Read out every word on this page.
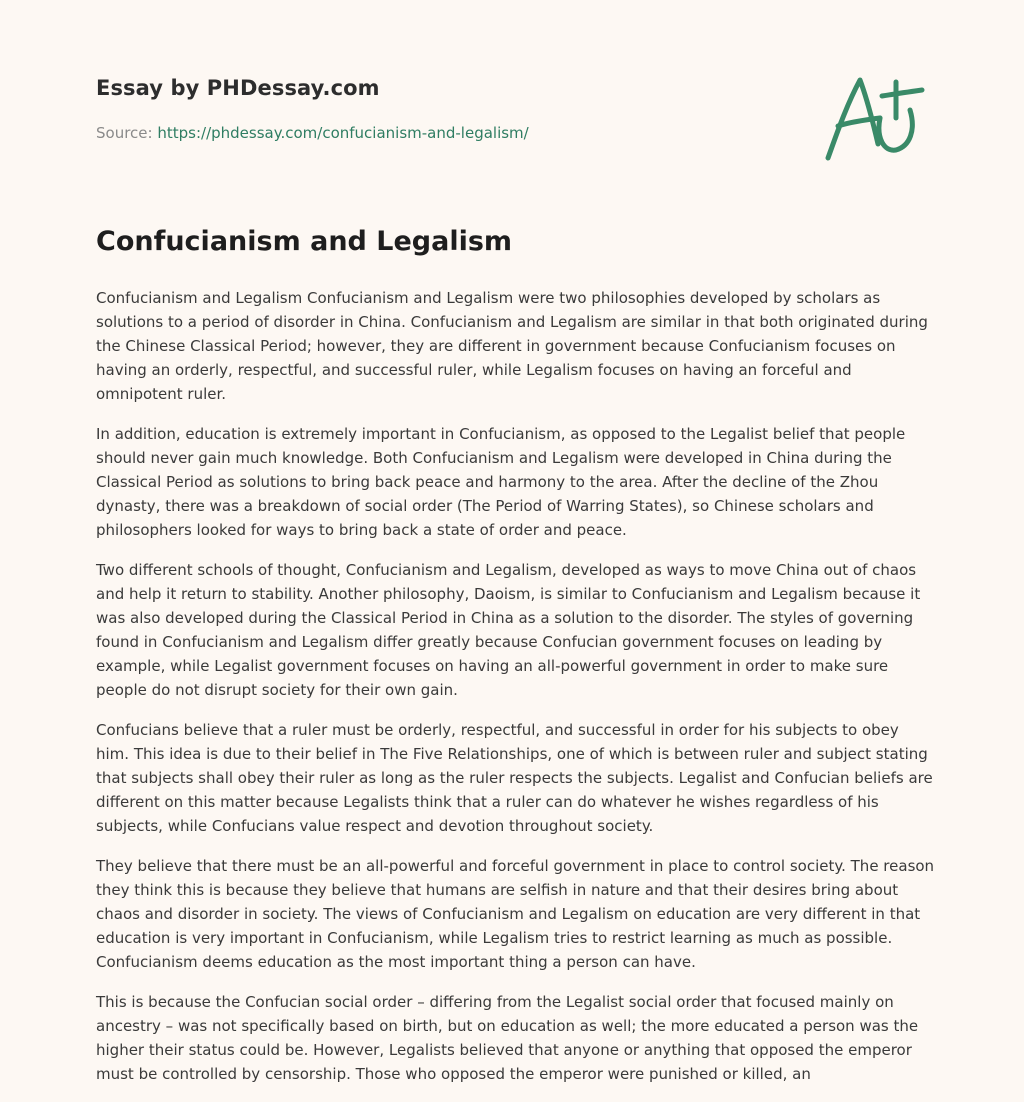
Essay by PHDessay.com
Source: https://phdessay.com/confucianism-and-legalism/
Confucianism and Legalism

Confucianism and Legalism Confucianism and Legalism were two philosophies developed by scholars as solutions to a period of disorder in China. Confucianism and Legalism are similar in that both originated during the Chinese Classical Period; however, they are different in government because Confucianism focuses on having an orderly, respectful, and successful ruler, while Legalism focuses on having an forceful and omnipotent ruler.

In addition, education is extremely important in Confucianism, as opposed to the Legalist belief that people should never gain much knowledge. Both Confucianism and Legalism were developed in China during the Classical Period as solutions to bring back peace and harmony to the area. After the decline of the Zhou dynasty, there was a breakdown of social order (The Period of Warring States), so Chinese scholars and philosophers looked for ways to bring back a state of order and peace.

Two different schools of thought, Confucianism and Legalism, developed as ways to move China out of chaos and help it return to stability. Another philosophy, Daoism, is similar to Confucianism and Legalism because it was also developed during the Classical Period in China as a solution to the disorder. The styles of governing found in Confucianism and Legalism differ greatly because Confucian government focuses on leading by example, while Legalist government focuses on having an all-powerful government in order to make sure people do not disrupt society for their own gain.

Confucians believe that a ruler must be orderly, respectful, and successful in order for his subjects to obey him. This idea is due to their belief in The Five Relationships, one of which is between ruler and subject stating that subjects shall obey their ruler as long as the ruler respects the subjects. Legalist and Confucian beliefs are different on this matter because Legalists think that a ruler can do whatever he wishes regardless of his subjects, while Confucians value respect and devotion throughout society.

They believe that there must be an all-powerful and forceful government in place to control society. The reason they think this is because they believe that humans are selfish in nature and that their desires bring about chaos and disorder in society. The views of Confucianism and Legalism on education are very different in that education is very important in Confucianism, while Legalism tries to restrict learning as much as possible. Confucianism deems education as the most important thing a person can have.

This is because the Confucian social order – differing from the Legalist social order that focused mainly on ancestry – was not specifically based on birth, but on education as well; the more educated a person was the higher their status could be. However, Legalists believed that anyone or anything that opposed the emperor must be controlled by censorship. Those who opposed the emperor were punished or killed, an
